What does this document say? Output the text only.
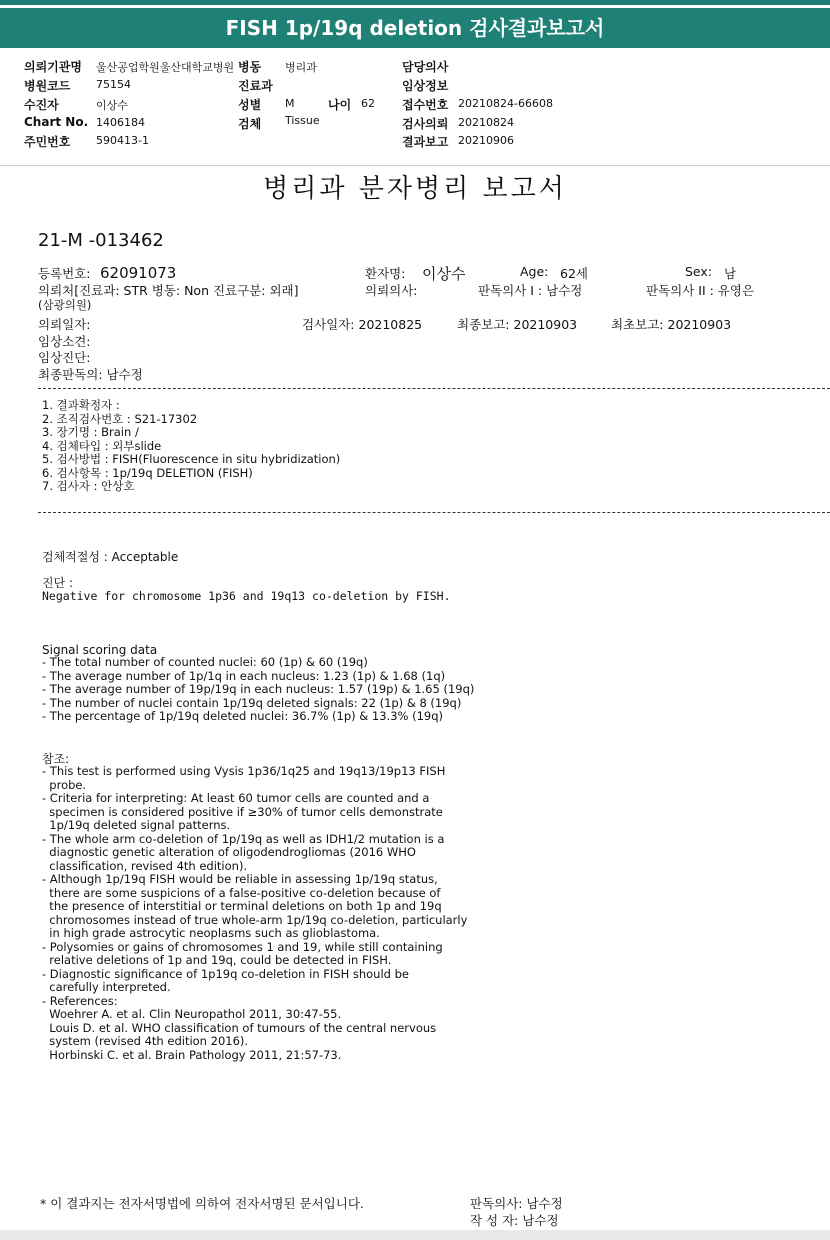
FISH 1p/19q deletion 검사결과보고서
의뢰기관명 울산공업학원울산대학교병원 병동 병리과	담당의사
병원코드 75154	진료과	임상정보
수진자	이상수	성별 M	나이 62 접수번호 20210824-66608
Chart No. 1406184	검체 Tissue	검사의뢰 20210824
주민번호 590413-1	결과보고 20210906
병리과 분자병리 보고서
21-M -013462
등록번호: 62091073	환자명: 이상수	Age: 62세	Sex: 남
의뢰처[진료과: STR 병동: Non 진료구분: 외래]	의뢰의사:	판독의사 I : 남수정	판독의사 II : 유영은
(삼광의원)
의뢰일자:	검사일자: 20210825	최종보고: 20210903	최초보고: 20210903
임상소견:
임상진단:
최종판독의: 남수정
1. 결과확정자 :
2. 조직검사번호 : S21-17302
3. 장기명 : Brain /
4. 검체타입 : 외부slide
5. 검사방법 : FISH(Fluorescence in situ hybridization)
6. 검사항목 : 1p/19q DELETION (FISH)
7. 검사자 : 안상호
검체적절성 : Acceptable
진단 :
Negative for chromosome 1p36 and 19q13 co-deletion by FISH.
Signal scoring data
- The total number of counted nuclei: 60 (1p) & 60 (19q)
- The average number of 1p/1q in each nucleus: 1.23 (1p) & 1.68 (1q)
- The average number of 19p/19q in each nucleus: 1.57 (19p) & 1.65 (19q)
- The number of nuclei contain 1p/19q deleted signals: 22 (1p) & 8 (19q)
- The percentage of 1p/19q deleted nuclei: 36.7% (1p) & 13.3% (19q)
참조:
- This test is performed using Vysis 1p36/1q25 and 19q13/19p13 FISH
probe.
- Criteria for interpreting: At least 60 tumor cells are counted and a
specimen is considered positive if ≥30% of tumor cells demonstrate
1p/19q deleted signal patterns.
- The whole arm co-deletion of 1p/19q as well as IDH1/2 mutation is a
diagnostic genetic alteration of oligodendrogliomas (2016 WHO
classification, revised 4th edition).
- Although 1p/19q FISH would be reliable in assessing 1p/19q status,
there are some suspicions of a false-positive co-deletion because of
the presence of interstitial or terminal deletions on both 1p and 19q
chromosomes instead of true whole-arm 1p/19q co-deletion, particularly
in high grade astrocytic neoplasms such as glioblastoma.
- Polysomies or gains of chromosomes 1 and 19, while still containing
relative deletions of 1p and 19q, could be detected in FISH.
- Diagnostic significance of 1p19q co-deletion in FISH should be
carefully interpreted.
- References:
Woehrer A. et al. Clin Neuropathol 2011, 30:47-55.
Louis D. et al. WHO classification of tumours of the central nervous
system (revised 4th edition 2016).
Horbinski C. et al. Brain Pathology 2011, 21:57-73.
* 이 결과지는 전자서명법에 의하여 전자서명된 문서입니다.	판독의사: 남수정
작 성 자: 남수정
